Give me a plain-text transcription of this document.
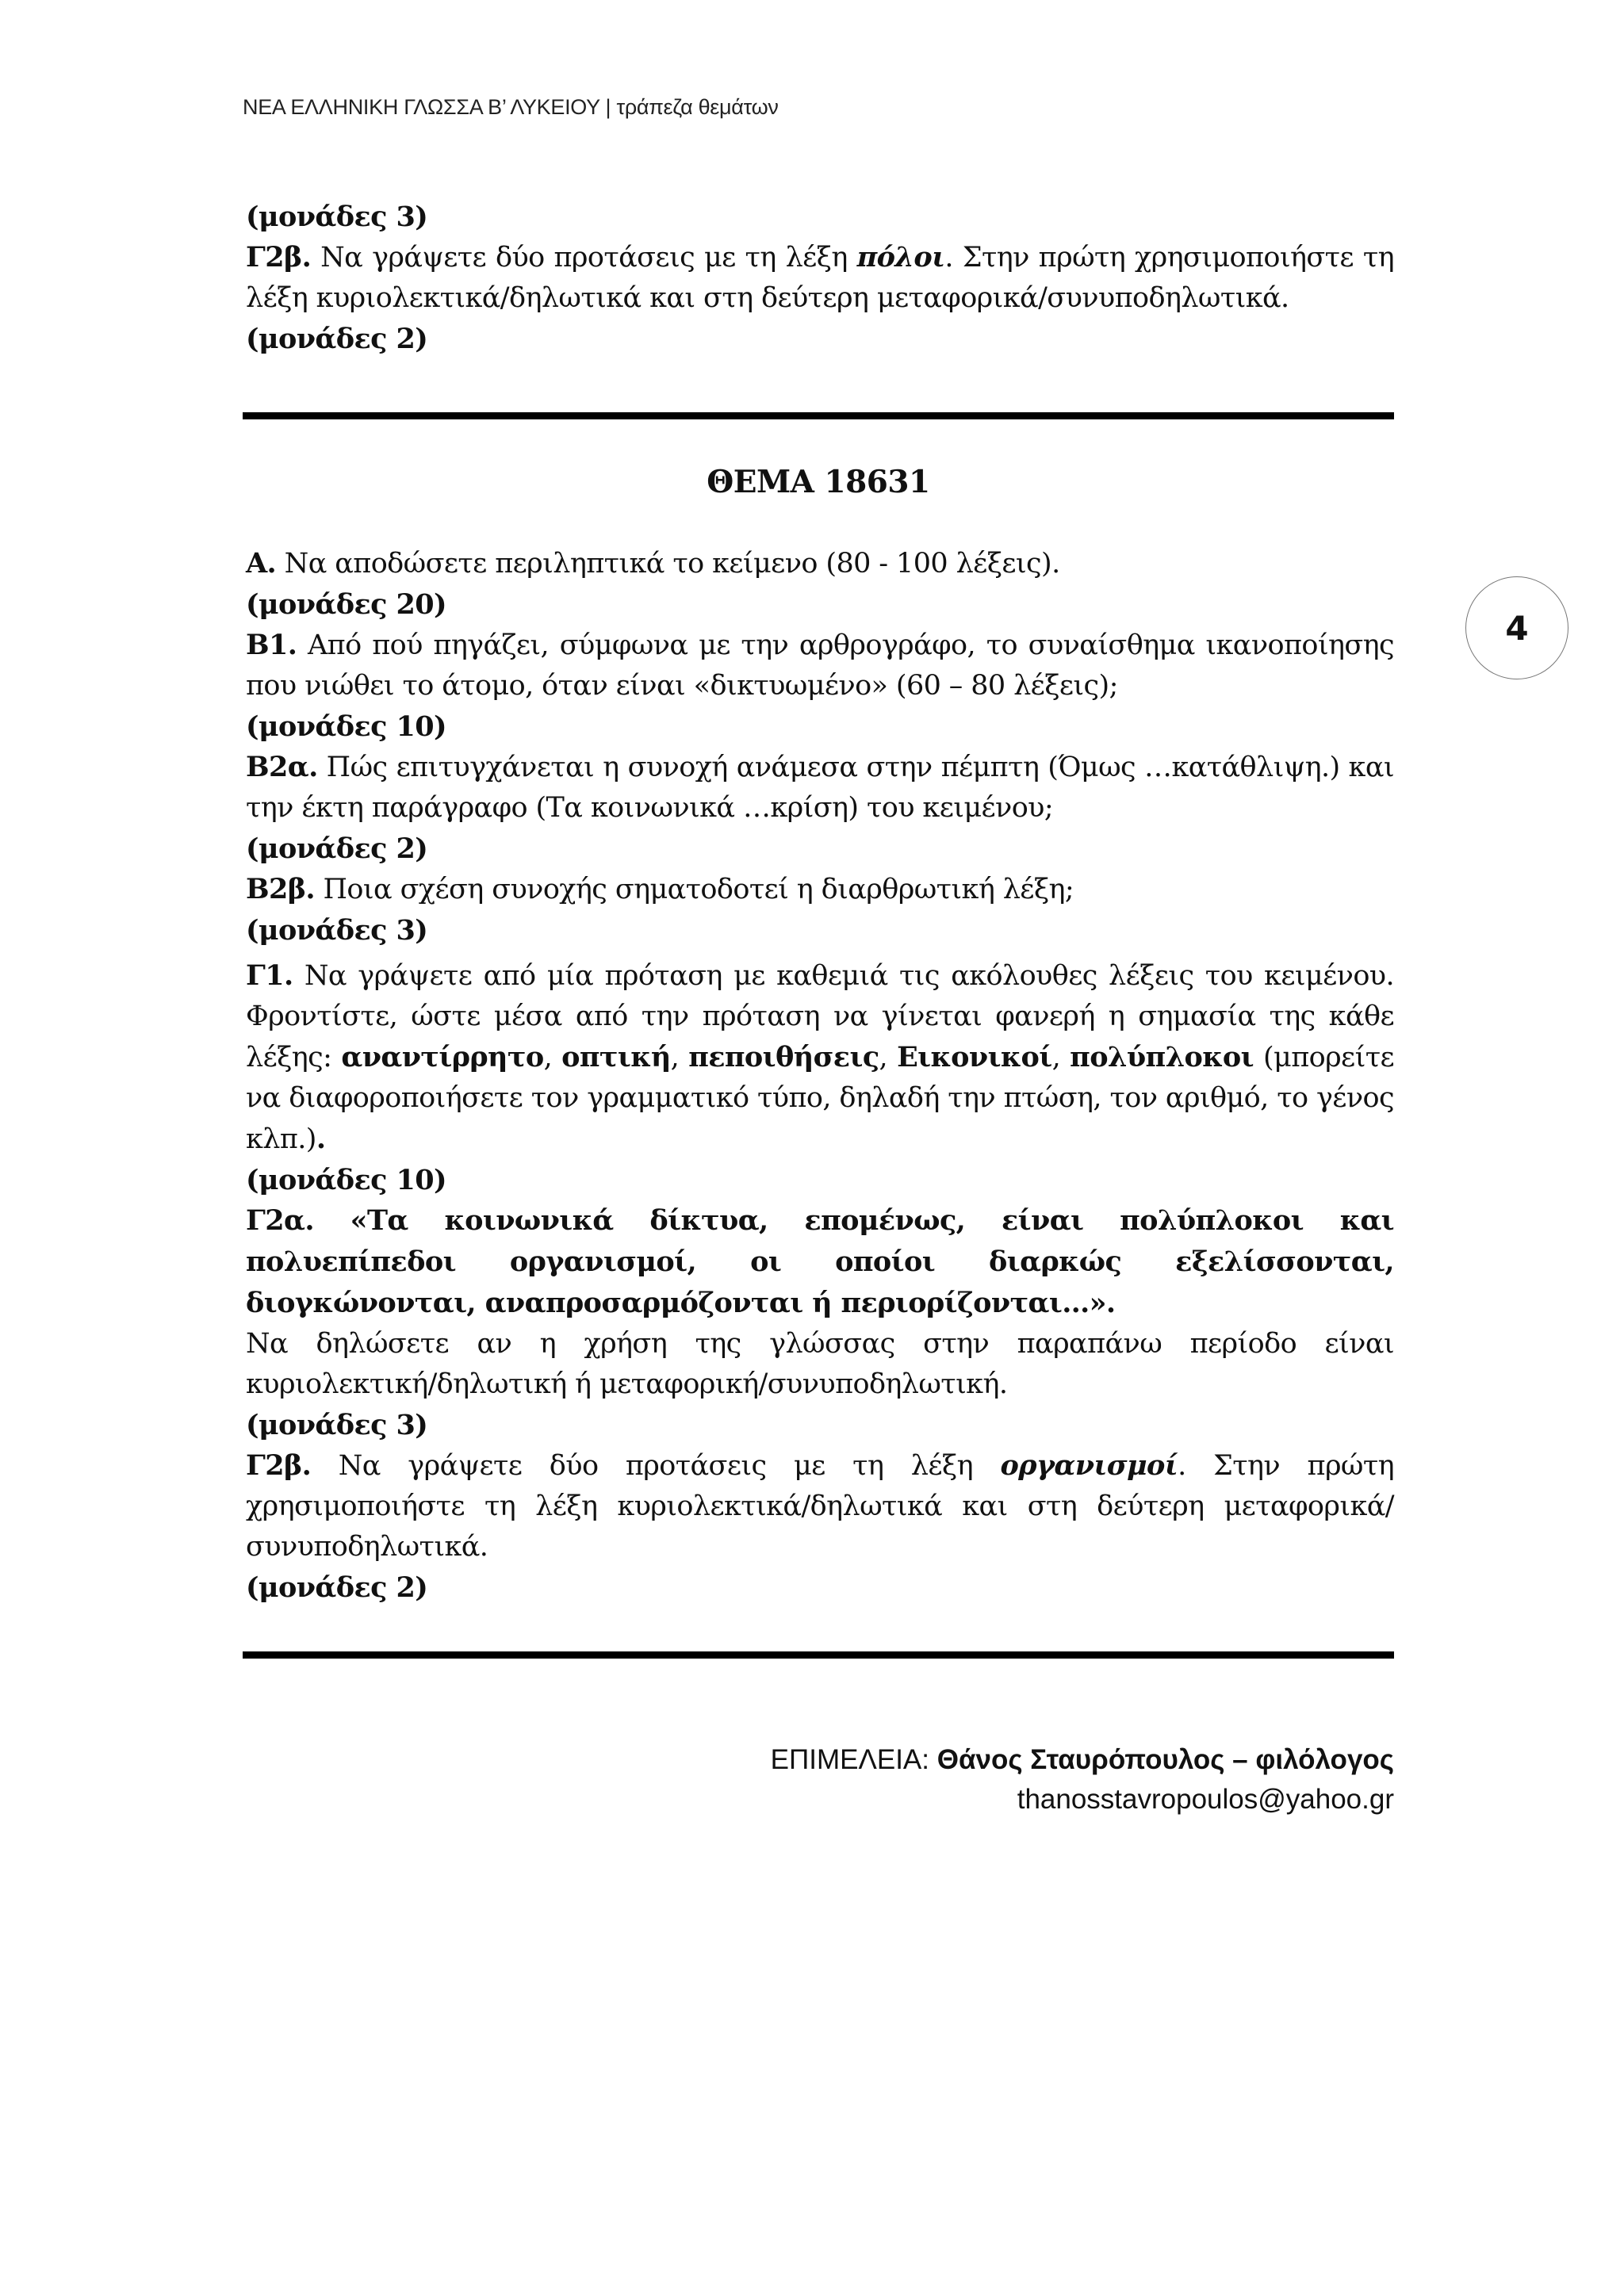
ΝΕΑ ΕΛΛΗΝΙΚΗ ΓΛΩΣΣΑ Β’ ΛΥΚΕΙΟΥ | τράπεζα θεμάτων

(μονάδες 3)

Γ2β. Να γράψετε δύο προτάσεις με τη λέξη πόλοι. Στην πρώτη χρησιμοποιήστε τη λέξη κυριολεκτικά/δηλωτικά και στη δεύτερη μεταφορικά/συνυποδηλωτικά.

(μονάδες 2)

ΘΕΜΑ 18631
4

Α. Να αποδώσετε περιληπτικά το κείμενο (80 - 100 λέξεις).

(μονάδες 20)

Β1. Από πού πηγάζει, σύμφωνα με την αρθρογράφο, το συναίσθημα ικανοποίησης που νιώθει το άτομο, όταν είναι «δικτυωμένο» (60 – 80 λέξεις);

(μονάδες 10)

Β2α. Πώς επιτυγχάνεται η συνοχή ανάμεσα στην πέμπτη (Όμως …κατάθλιψη.) και την έκτη παράγραφο (Τα κοινωνικά …κρίση) του κειμένου;

(μονάδες 2)

Β2β. Ποια σχέση συνοχής σηματοδοτεί η διαρθρωτική λέξη;

(μονάδες 3)

Γ1. Να γράψετε από μία πρόταση με καθεμιά τις ακόλουθες λέξεις του κειμένου. Φροντίστε, ώστε μέσα από την πρόταση να γίνεται φανερή η σημασία της κάθε λέξης: αναντίρρητο, οπτική, πεποιθήσεις, Εικονικοί, πολύπλοκοι (μπορείτε να διαφοροποιήσετε τον γραμματικό τύπο, δηλαδή την πτώση, τον αριθμό, το γένος κλπ.).

(μονάδες 10)

Γ2α. «Τα κοινωνικά δίκτυα, επομένως, είναι πολύπλοκοι και πολυεπίπεδοι οργανισμοί, οι οποίοι διαρκώς εξελίσσονται, διογκώνονται, αναπροσαρμόζονται ή περιορίζονται…».

Να δηλώσετε αν η χρήση της γλώσσας στην παραπάνω περίοδο είναι κυριολεκτική/δηλωτική ή μεταφορική/συνυποδηλωτική.

(μονάδες 3)

Γ2β. Να γράψετε δύο προτάσεις με τη λέξη οργανισμοί. Στην πρώτη χρησιμοποιήστε τη λέξη κυριολεκτικά/δηλωτικά και στη δεύτερη μεταφορικά/συνυποδηλωτικά.

(μονάδες 2)

ΕΠΙΜΕΛΕΙΑ: Θάνος Σταυρόπουλος – φιλόλογος
thanosstavropoulos@yahoo.gr
